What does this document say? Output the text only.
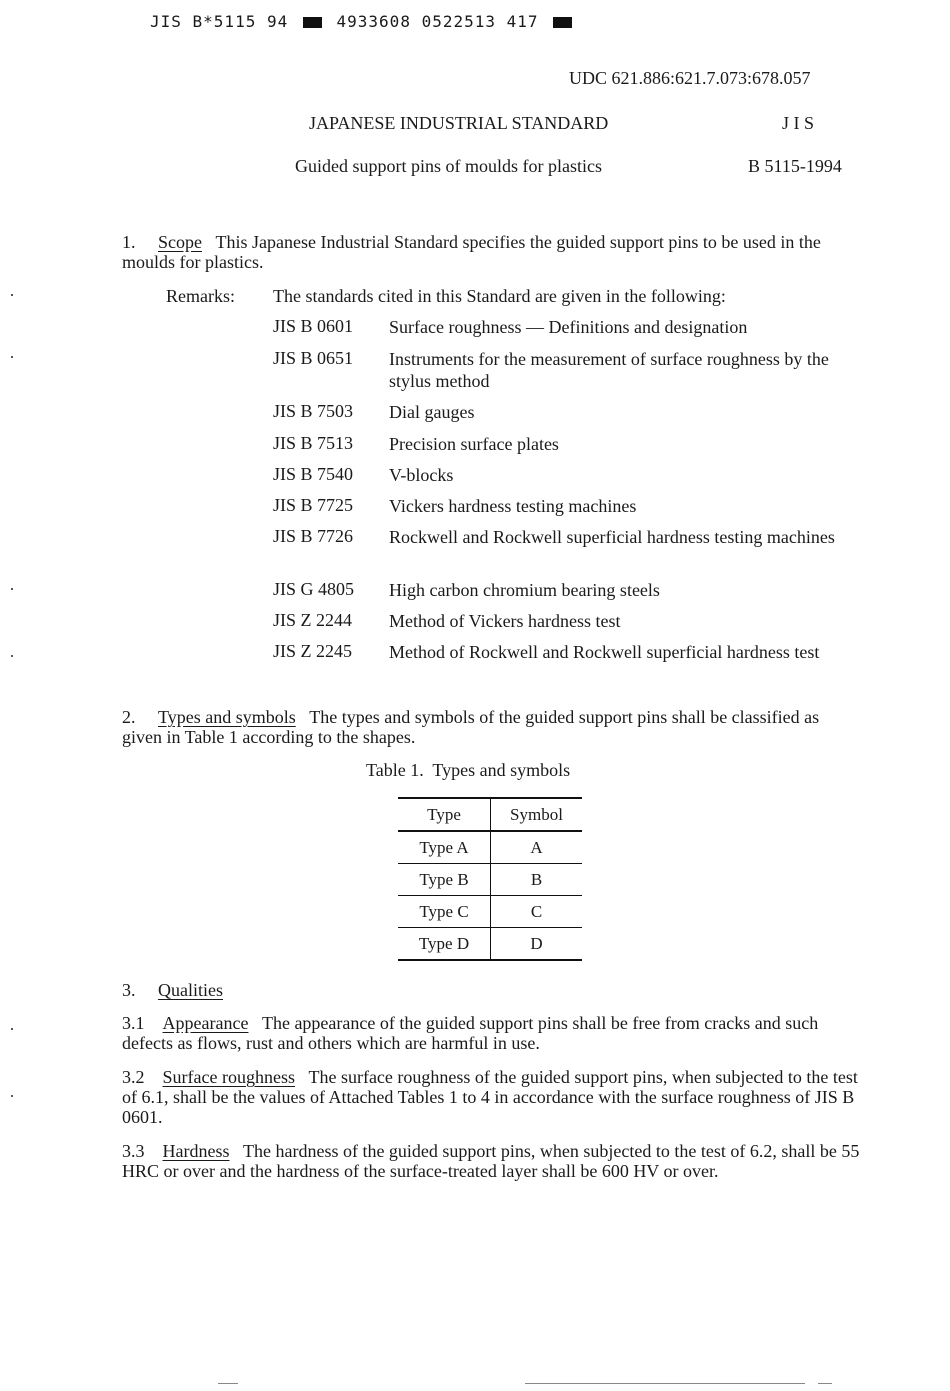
JIS B*5115 94	4933608 0522513 417
UDC 621.886:621.7.073:678.057
JAPANESE INDUSTRIAL STANDARD	J I S
Guided support pins of moulds for plastics	B 5115-1994
1. Scope This Japanese Industrial Standard specifies the guided support pins to be used in the moulds for plastics.
Remarks: The standards cited in this Standard are given in the following:
JIS B 0601 Surface roughness — Definitions and designation
JIS B 0651 Instruments for the measurement of surface roughness by the stylus method
JIS B 7503 Dial gauges
JIS B 7513 Precision surface plates
JIS B 7540 V-blocks
JIS B 7725 Vickers hardness testing machines
JIS B 7726 Rockwell and Rockwell superficial hardness testing machines
JIS G 4805 High carbon chromium bearing steels
JIS Z 2244 Method of Vickers hardness test
JIS Z 2245 Method of Rockwell and Rockwell superficial hardness test
2. Types and symbols The types and symbols of the guided support pins shall be classified as given in Table 1 according to the shapes.
Table 1.  Types and symbols
Type	Symbol
Type A	A
Type B	B
Type C	C
Type D	D
3. Qualities
3.1 Appearance The appearance of the guided support pins shall be free from cracks and such defects as flows, rust and others which are harmful in use.
3.2 Surface roughness The surface roughness of the guided support pins, when subjected to the test of 6.1, shall be the values of Attached Tables 1 to 4 in accordance with the surface roughness of JIS B 0601.
3.3 Hardness The hardness of the guided support pins, when subjected to the test of 6.2, shall be 55 HRC or over and the hardness of the surface-treated layer shall be 600 HV or over.
